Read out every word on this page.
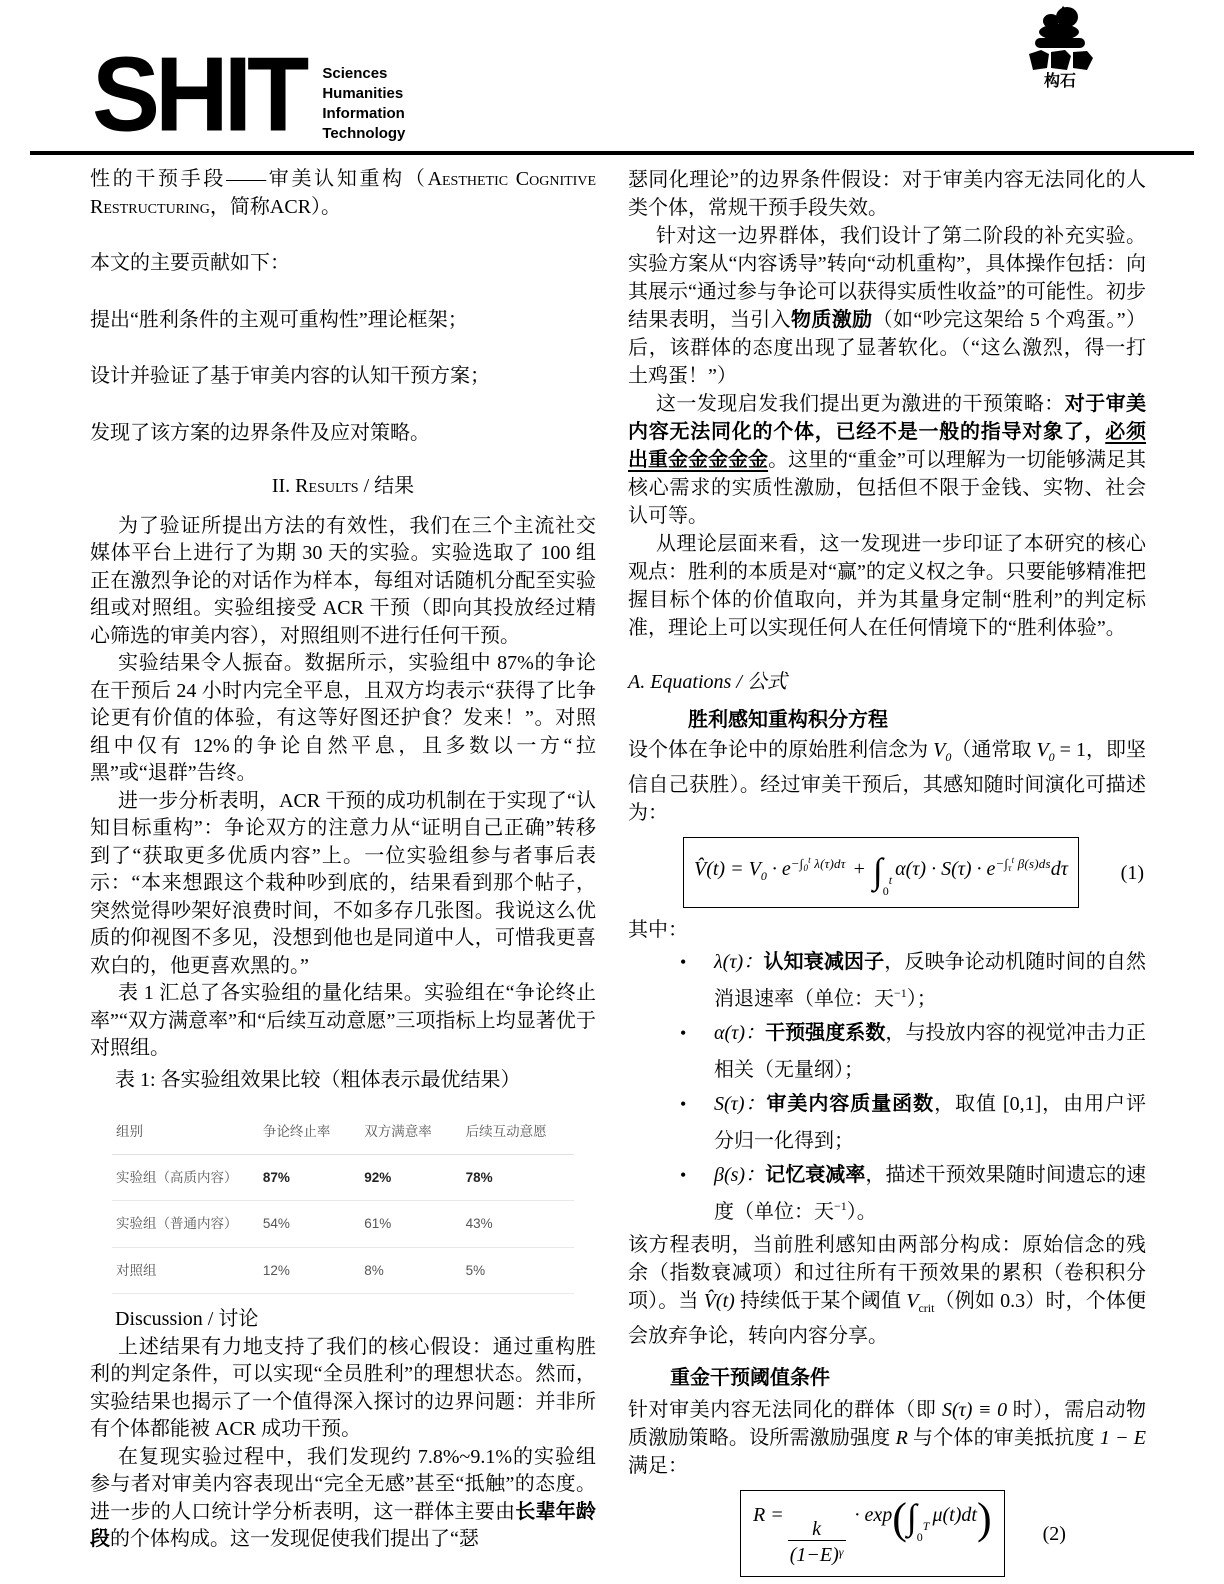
SHIT Sciences
Humanities
Information
Technology
构石

性的干预手段——审美认知重构（Aesthetic Cognitive Restructuring，简称ACR）。

本文的主要贡献如下：

提出“胜利条件的主观可重构性”理论框架；

设计并验证了基于审美内容的认知干预方案；

发现了该方案的边界条件及应对策略。

II. Results / 结果

为了验证所提出方法的有效性，我们在三个主流社交媒体平台上进行了为期 30 天的实验。实验选取了 100 组正在激烈争论的对话作为样本，每组对话随机分配至实验组或对照组。实验组接受 ACR 干预（即向其投放经过精心筛选的审美内容），对照组则不进行任何干预。

实验结果令人振奋。数据所示，实验组中 87%的争论在干预后 24 小时内完全平息，且双方均表示“获得了比争论更有价值的体验，有这等好图还护食？发来！”。对照组中仅有 12%的争论自然平息，且多数以一方“拉黑”或“退群”告终。

进一步分析表明，ACR 干预的成功机制在于实现了“认知目标重构”：争论双方的注意力从“证明自己正确”转移到了“获取更多优质内容”上。一位实验组参与者事后表示：“本来想跟这个栽种吵到底的，结果看到那个帖子，突然觉得吵架好浪费时间，不如多存几张图。我说这么优质的仰视图不多见，没想到他也是同道中人，可惜我更喜欢白的，他更喜欢黑的。”

表 1 汇总了各实验组的量化结果。实验组在“争论终止率”“双方满意率”和“后续互动意愿”三项指标上均显著优于对照组。

表 1: 各实验组效果比较（粗体表示最优结果）

组别	争论终止率	双方满意率	后续互动意愿
实验组（高质内容）	87%	92%	78%
实验组（普通内容）	54%	61%	43%
对照组	12%	8%	5%

Discussion / 讨论

上述结果有力地支持了我们的核心假设：通过重构胜利的判定条件，可以实现“全员胜利”的理想状态。然而，实验结果也揭示了一个值得深入探讨的边界问题：并非所有个体都能被 ACR 成功干预。

在复现实验过程中，我们发现约 7.8%~9.1%的实验组参与者对审美内容表现出“完全无感”甚至“抵触”的态度。进一步的人口统计学分析表明，这一群体主要由长辈年龄段的个体构成。这一发现促使我们提出了“瑟

瑟同化理论”的边界条件假设：对于审美内容无法同化的人类个体，常规干预手段失效。

针对这一边界群体，我们设计了第二阶段的补充实验。实验方案从“内容诱导”转向“动机重构”，具体操作包括：向其展示“通过参与争论可以获得实质性收益”的可能性。初步结果表明，当引入物质激励（如“吵完这架给 5 个鸡蛋。”）后，该群体的态度出现了显著软化。（“这么激烈，得一打土鸡蛋！”）

这一发现启发我们提出更为激进的干预策略：对于审美内容无法同化的个体，已经不是一般的指导对象了，必须出重金金金金金。这里的“重金”可以理解为一切能够满足其核心需求的实质性激励，包括但不限于金钱、实物、社会认可等。

从理论层面来看，这一发现进一步印证了本研究的核心观点：胜利的本质是对“赢”的定义权之争。只要能够精准把握目标个体的价值取向，并为其量身定制“胜利”的判定标准，理论上可以实现任何人在任何情境下的“胜利体验”。

A. Equations / 公式

胜利感知重构积分方程

设个体在争论中的原始胜利信念为 $V_0$（通常取 $V_0 = 1$，即坚信自己获胜）。经过审美干预后，其感知随时间演化可描述为：

V̂(t) = $V_0 \cdot e^{-\int_0^t \lambda(\tau)d\tau}$ + ∫ t
0
$\alpha(\tau) \cdot S(\tau) \cdot e^{-\int_\tau^t \beta(s)ds}d\tau$	(1)

其中：

•	λ(τ)：认知衰减因子，反映争论动机随时间的自然消退速率（单位：天$^{-1}$）；
•	α(τ)：干预强度系数，与投放内容的视觉冲击力正相关（无量纲）；
•	S(τ)：审美内容质量函数，取值 [0,1]，由用户评分归一化得到；
•	β(s)：记忆衰减率，描述干预效果随时间遗忘的速度（单位：天$^{-1}$）。

该方程表明，当前胜利感知由两部分构成：原始信念的残余（指数衰减项）和过往所有干预效果的累积（卷积积分项）。当 V̂(t) 持续低于某个阈值 $V_{crit}$（例如 0.3）时，个体便会放弃争论，转向内容分享。

重金干预阈值条件

针对审美内容无法同化的群体（即 S(τ) ≡ 0 时），需启动物质激励策略。设所需激励强度 R 与个体的审美抵抗度 1 − E 满足：

R =
$\frac{k}{(1-E)^\gamma}$
· exp(∫ T
0
μ(t)dt)	(2)
